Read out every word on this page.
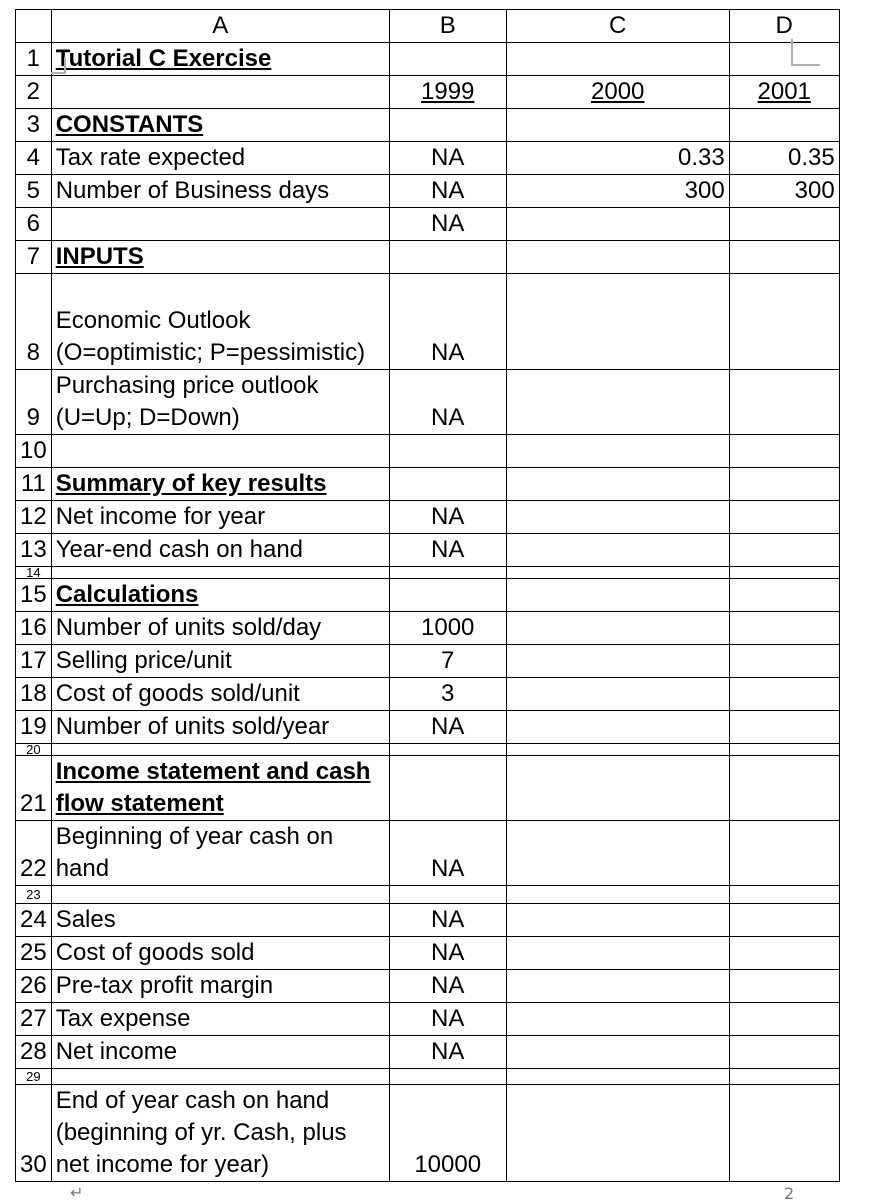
	A	B	C	D
1	Tutorial C Exercise			
2		1999	2000	2001
3	CONSTANTS			
4	Tax rate expected	NA	0.33	0.35
5	Number of Business days	NA	300	300
6		NA		
7	INPUTS			
8	Economic Outlook (O=optimistic; P=pessimistic)	NA		
9	Purchasing price outlook (U=Up; D=Down)	NA		
10				
11	Summary of key results			
12	Net income for year	NA		
13	Year-end cash on hand	NA		
14				
15	Calculations			
16	Number of units sold/day	1000		
17	Selling price/unit	7		
18	Cost of goods sold/unit	3		
19	Number of units sold/year	NA		
20				
21	Income statement and cash flow statement			
22	Beginning of year cash on hand	NA		
23				
24	Sales	NA		
25	Cost of goods sold	NA		
26	Pre-tax profit margin	NA		
27	Tax expense	NA		
28	Net income	NA		
29				
30	End of year cash on hand (beginning of yr. Cash, plus net income for year)	10000		
↵	2
